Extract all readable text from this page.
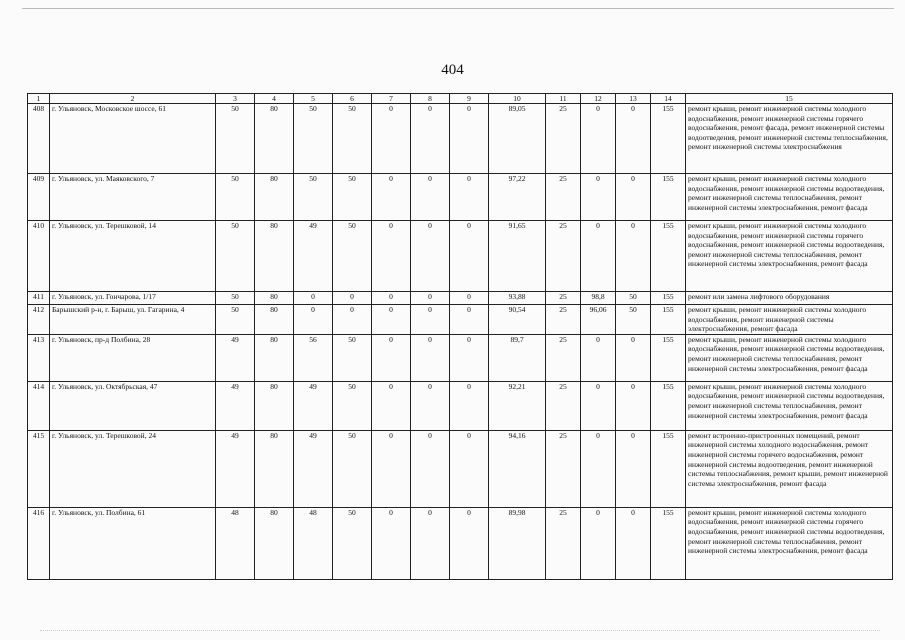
404
1	2	3	4	5	6	7	8	9	10	11	12	13	14	15
408	г. Ульяновск, Московское шоссе, 61	50	80	50	50	0	0	0	89,05	25	0	0	155	ремонт крыши, ремонт инженерной системы холодного водоснабжения, ремонт инженерной системы горячего водоснабжения, ремонт фасада, ремонт инженерной системы водоотведения, ремонт инженерной системы теплоснабжения, ремонт инженерной системы электроснабжения
409	г. Ульяновск, ул. Маяковского, 7	50	80	50	50	0	0	0	97,22	25	0	0	155	ремонт крыши, ремонт инженерной системы холодного водоснабжения, ремонт инженерной системы водоотведения, ремонт инженерной системы теплоснабжения, ремонт инженерной системы электроснабжения, ремонт фасада
410	г. Ульяновск, ул. Терешковой, 14	50	80	49	50	0	0	0	91,65	25	0	0	155	ремонт крыши, ремонт инженерной системы холодного водоснабжения, ремонт инженерной системы горячего водоснабжения, ремонт инженерной системы водоотведения, ремонт инженерной системы теплоснабжения, ремонт инженерной системы электроснабжения, ремонт фасада
411	г. Ульяновск, ул. Гончарова, 1/17	50	80	0	0	0	0	0	93,88	25	98,8	50	155	ремонт или замена лифтового оборудования
412	Барышский р-н, г. Барыш, ул. Гагарина, 4	50	80	0	0	0	0	0	90,54	25	96,06	50	155	ремонт крыши, ремонт инженерной системы холодного водоснабжения, ремонт инженерной системы электроснабжения, ремонт фасада
413	г. Ульяновск, пр-д Полбина, 28	49	80	56	50	0	0	0	89,7	25	0	0	155	ремонт крыши, ремонт инженерной системы холодного водоснабжения, ремонт инженерной системы водоотведения, ремонт инженерной системы теплоснабжения, ремонт инженерной системы электроснабжения, ремонт фасада
414	г. Ульяновск, ул. Октябрьская, 47	49	80	49	50	0	0	0	92,21	25	0	0	155	ремонт крыши, ремонт инженерной системы холодного водоснабжения, ремонт инженерной системы водоотведения, ремонт инженерной системы теплоснабжения, ремонт инженерной системы электроснабжения, ремонт фасада
415	г. Ульяновск, ул. Терешковой, 24	49	80	49	50	0	0	0	94,16	25	0	0	155	ремонт встроенно-пристроенных помещений, ремонт инженерной системы холодного водоснабжения, ремонт инженерной системы горячего водоснабжения, ремонт инженерной системы водоотведения, ремонт инженерной системы теплоснабжения, ремонт крыши, ремонт инженерной системы электроснабжения, ремонт фасада
416	г. Ульяновск, ул. Полбина, 61	48	80	48	50	0	0	0	89,98	25	0	0	155	ремонт крыши, ремонт инженерной системы холодного водоснабжения, ремонт инженерной системы горячего водоснабжения, ремонт инженерной системы водоотведения, ремонт инженерной системы теплоснабжения, ремонт инженерной системы электроснабжения, ремонт фасада
